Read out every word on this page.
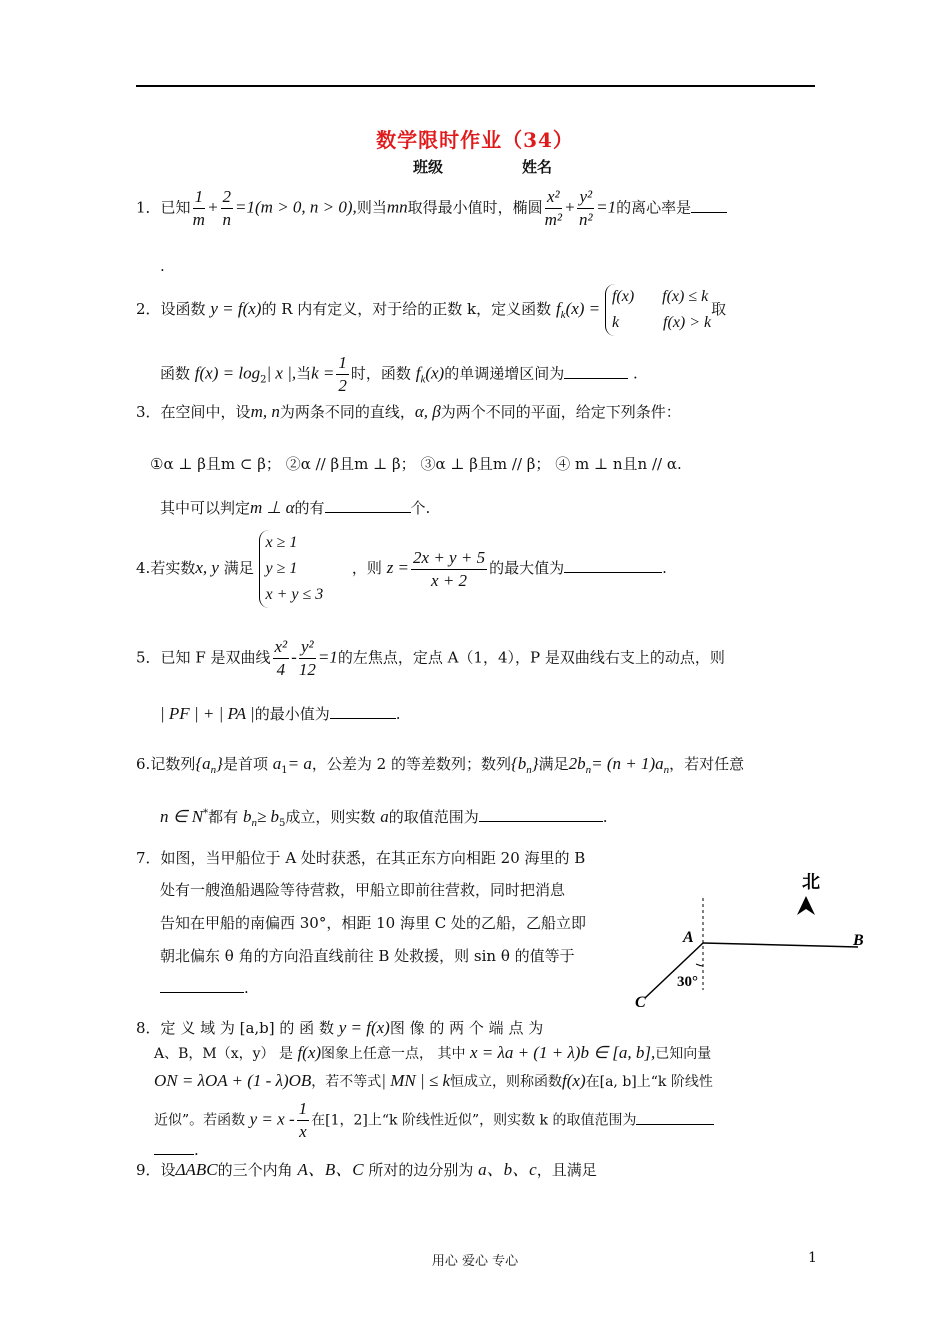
数学限时作业（34）
班级	姓名
1．已知 $\frac{1}{m} + \frac{2}{n} =1(m > 0$, n > 0),则当mn取得最小值时，椭圆 $\frac{\text{x²}}{\text{m²}} + \frac{\text{y²}}{\text{n²}} =1$的离心率是
.
2．设函数 y = f(x)的 R 内有定义，对于给的正数 k，定义函数 $f_k(x) = f(x) f(x) \le k$
k	f(x) > k取
函数 $f(x) = \log_2|$ x |,当$k = \frac{1}{2}$ 时，函数 $f_k(x)$的单调递增区间为	.
3．在空间中，设m, n为两条不同的直线，α, β为两个不同的平面，给定下列条件：
①α ⊥ β且m ⊂ β； ②α // β且m ⊥ β； ③α ⊥ β且m // β； ④ m ⊥ n且n // α.
其中可以判定m ⊥ α的有	个.
4.若实数x, y 满足 x ≥ 1
y ≥ 1
x + y ≤ 3      ，则 $z = \frac{2x + y + 5}{x + 2}$ 的最大值为	.
5．已知 F 是双曲线 $\frac{\text{x²}}{4} - \frac{\text{y²}}{12} =1$的左焦点，定点 A（1，4），P 是双曲线右支上的动点，则
| PF | + | PA |的最小值为	.
6.记数列$\{a_n\}$是首项 $a_1= a$，公差为 2 的等差数列；数列$\{b_n\}$满足$2b_n= (n + 1)a_n$，若对任意
n ∈ N*都有 $b_n\ge b_5$成立，则实数 a的取值范围为	.
7．如图，当甲船位于 A 处时获悉，在其正东方向相距 20 海里的 B
处有一艘渔船遇险等待营救，甲船立即前往营救，同时把消息
告知在甲船的南偏西 30°，相距 10 海里 C 处的乙船，乙船立即
朝北偏东 θ 角的方向沿直线前往 B 处救援，则 sin θ 的值等于
.
北
A	B
C
30°
8．定 义 域 为 [a,b] 的 函 数 y = f(x)图 像 的 两 个 端 点 为
A、B，M（x，y） 是 f(x)图象上任意一点， 其中 x = λa + (1 + λ)b ∈ [a, b],已知向量
ON = λOA + (1 - λ)OB，若不等式| MN | ≤ k恒成立，则称函数f(x)在[a, b]上“k 阶线性
近似”。若函数 $y = x - \frac{1}{x}$ 在[1，2]上“k 阶线性近似”，则实数 k 的取值范围为
.
9．设ΔABC的三个内角 A、B、C 所对的边分别为 a、b、c，且满足
用心 爱心 专心	1
